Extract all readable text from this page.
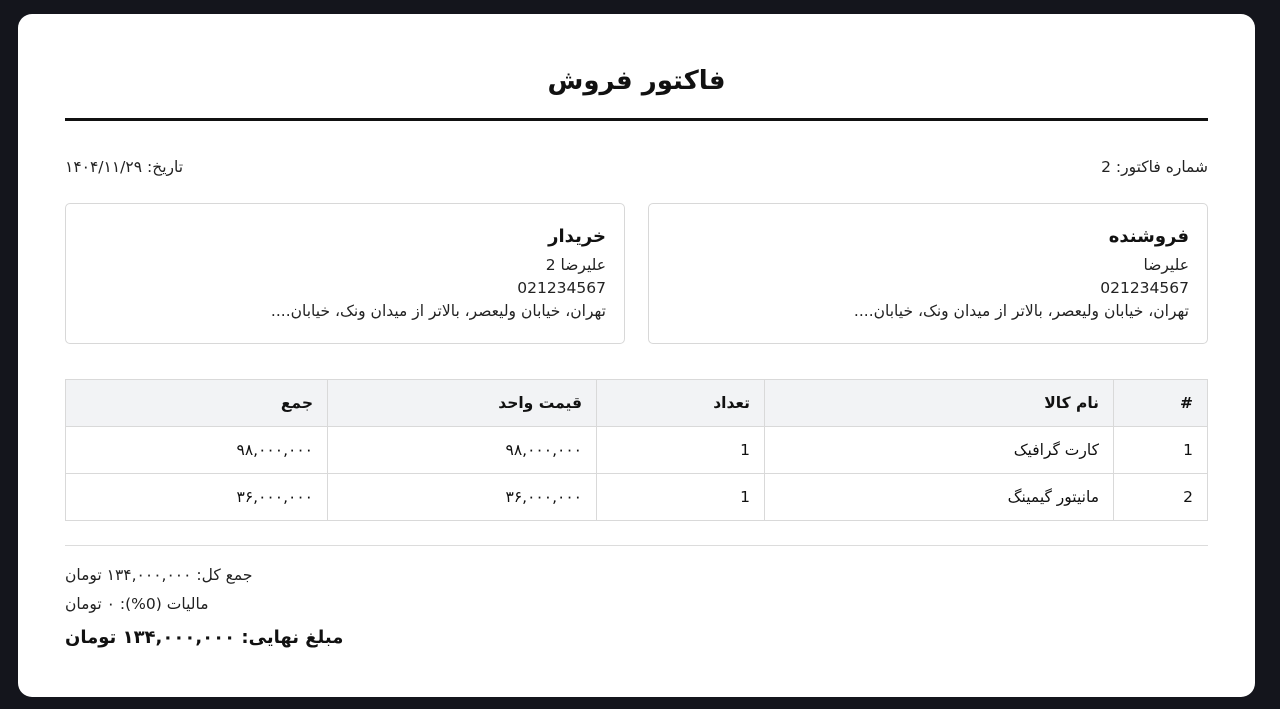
فاکتور فروش
شماره فاکتور: 2
تاریخ: ۱۴۰۴/۱۱/۲۹
فروشنده
علیرضا
021234567
تهران، خیابان ولیعصر، بالاتر از میدان ونک، خیابان....
خریدار
علیرضا 2
021234567
تهران، خیابان ولیعصر، بالاتر از میدان ونک، خیابان....
#	نام کالا	تعداد	قیمت واحد	جمع
1	کارت گرافیک	1	۹۸,۰۰۰,۰۰۰	۹۸,۰۰۰,۰۰۰
2	مانیتور گیمینگ	1	۳۶,۰۰۰,۰۰۰	۳۶,۰۰۰,۰۰۰
جمع کل: ۱۳۴,۰۰۰,۰۰۰ تومان
مالیات (0%): ۰ تومان
مبلغ نهایی: ۱۳۴,۰۰۰,۰۰۰ تومان
